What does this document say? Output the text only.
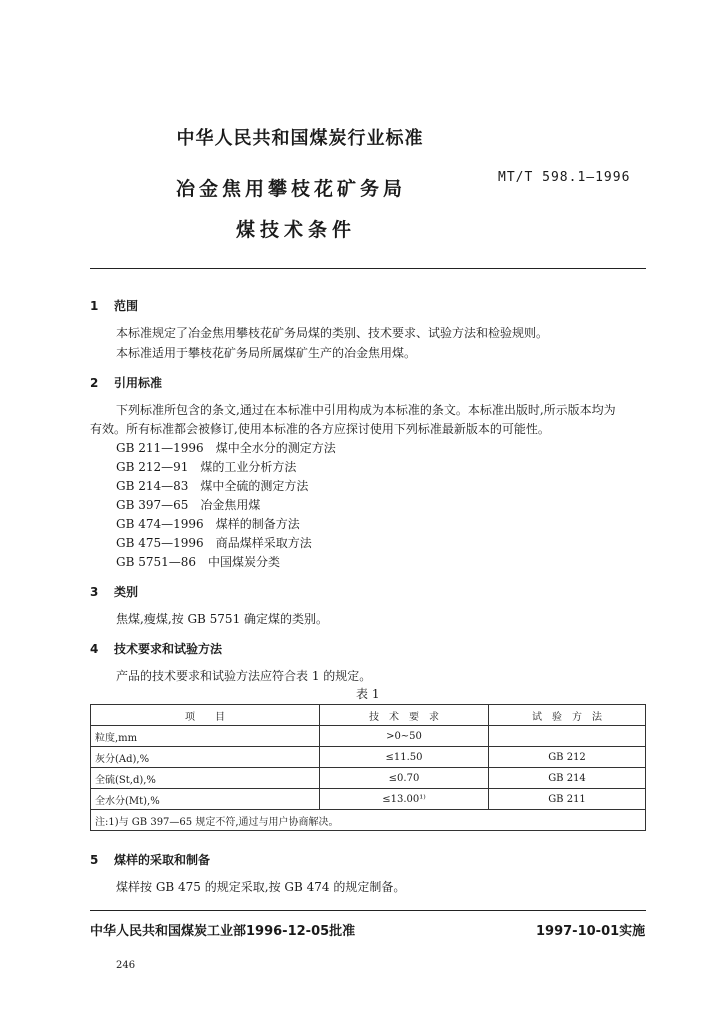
中华人民共和国煤炭行业标准
冶金焦用攀枝花矿务局
煤技术条件
MT/T 598.1—1996
1 范围
本标准规定了冶金焦用攀枝花矿务局煤的类别、技术要求、试验方法和检验规则。
本标准适用于攀枝花矿务局所属煤矿生产的冶金焦用煤。
2 引用标准
下列标准所包含的条文,通过在本标准中引用构成为本标准的条文。本标准出版时,所示版本均为
有效。所有标准都会被修订,使用本标准的各方应探讨使用下列标准最新版本的可能性。
GB 211—1996　 煤中全水分的测定方法
GB 212—91　 煤的工业分析方法
GB 214—83　 煤中全硫的测定方法
GB 397—65　 冶金焦用煤
GB 474—1996　 煤样的制备方法
GB 475—1996　 商品煤样采取方法
GB 5751—86　 中国煤炭分类
3 类别
焦煤,瘦煤,按 GB 5751 确定煤的类别。
4 技术要求和试验方法
产品的技术要求和试验方法应符合表 1 的规定。
表 1
项　　目	技　术　要　求	试　验　方　法
粒度,mm	>0~50	
灰分(Ad),%	≤11.50	GB 212
全硫(St,d),%	≤0.70	GB 214
全水分(Mt),%	≤13.00¹⁾	GB 211
注:1)与 GB 397—65 规定不符,通过与用户协商解决。		
5 煤样的采取和制备
煤样按 GB 475 的规定采取,按 GB 474 的规定制备。
中华人民共和国煤炭工业部1996-12-05批准	1997-10-01实施
246
